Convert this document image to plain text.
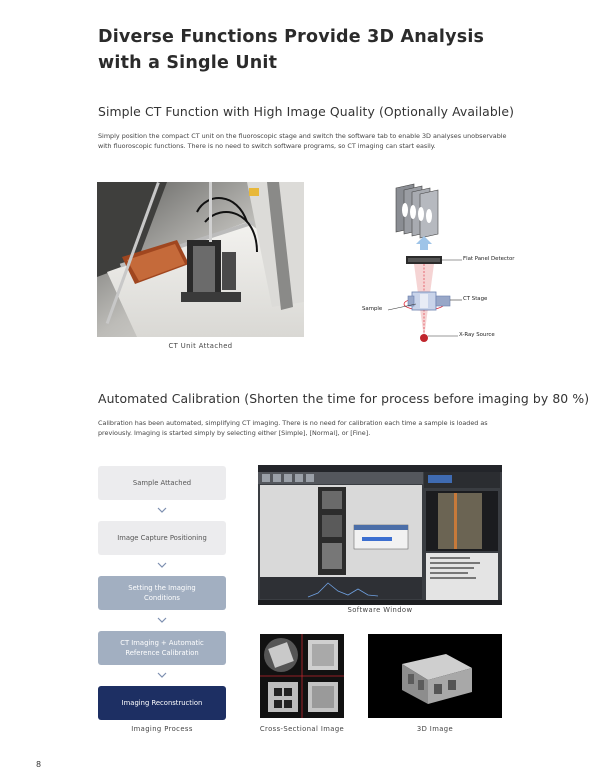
Diverse Functions Provide 3D Analysis
with a Single Unit
Simple CT Function with High Image Quality (Optionally Available)
Simply position the compact CT unit on the fluoroscopic stage and switch the software tab to enable 3D analyses unobservable
with fluoroscopic functions. There is no need to switch software programs, so CT imaging can start easily.
CT Unit Attached
Flat Panel Detector
CT Stage
Sample
X-Ray Source
Automated Calibration (Shorten the time for process before imaging by 80 %)
Calibration has been automated, simplifying CT imaging. There is no need for calibration each time a sample is loaded as
previously. Imaging is started simply by selecting either [Simple], [Normal], or [Fine].
Sample Attached
Image Capture Positioning
Setting the Imaging
Conditions
CT Imaging + Automatic
Reference Calibration
Imaging Reconstruction
Imaging Process
Software Window
Cross-Sectional Image	3D Image
8
